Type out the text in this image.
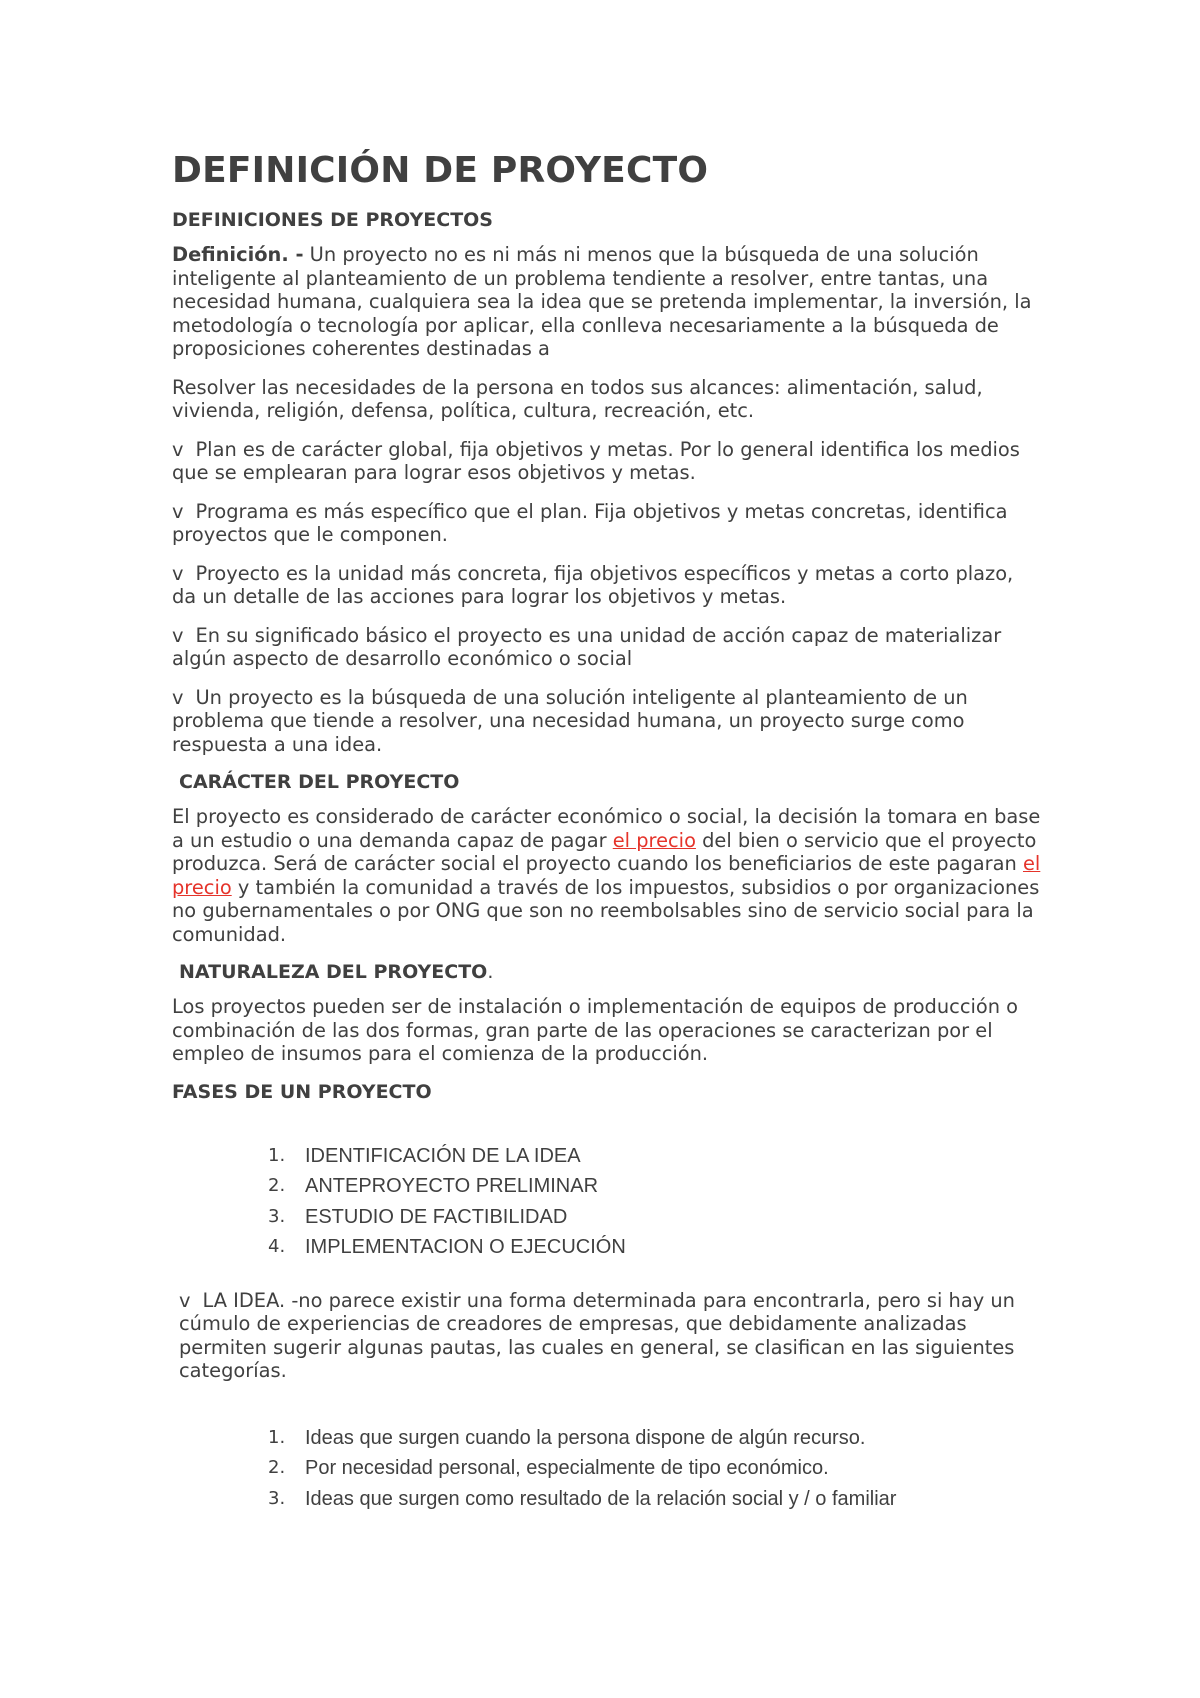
DEFINICIÓN DE PROYECTO
DEFINICIONES DE PROYECTOS

Definición. - Un proyecto no es ni más ni menos que la búsqueda de una solución inteligente al planteamiento de un problema tendiente a resolver, entre tantas, una necesidad humana, cualquiera sea la idea que se pretenda implementar, la inversión, la metodología o tecnología por aplicar, ella conlleva necesariamente a la búsqueda de proposiciones coherentes destinadas a

Resolver las necesidades de la persona en todos sus alcances: alimentación, salud, vivienda, religión, defensa, política, cultura, recreación, etc.

v Plan es de carácter global, fija objetivos y metas. Por lo general identifica los medios que se emplearan para lograr esos objetivos y metas.

v Programa es más específico que el plan. Fija objetivos y metas concretas, identifica proyectos que le componen.

v Proyecto es la unidad más concreta, fija objetivos específicos y metas a corto plazo, da un detalle de las acciones para lograr los objetivos y metas.

v En su significado básico el proyecto es una unidad de acción capaz de materializar algún aspecto de desarrollo económico o social

v Un proyecto es la búsqueda de una solución inteligente al planteamiento de un problema que tiende a resolver, una necesidad humana, un proyecto surge como respuesta a una idea.

CARÁCTER DEL PROYECTO

El proyecto es considerado de carácter económico o social, la decisión la tomara en base a un estudio o una demanda capaz de pagar el precio del bien o servicio que el proyecto produzca. Será de carácter social el proyecto cuando los beneficiarios de este pagaran el precio y también la comunidad a través de los impuestos, subsidios o por organizaciones no gubernamentales o por ONG que son no reembolsables sino de servicio social para la comunidad.

NATURALEZA DEL PROYECTO.

Los proyectos pueden ser de instalación o implementación de equipos de producción o combinación de las dos formas, gran parte de las operaciones se caracterizan por el empleo de insumos para el comienza de la producción.

FASES DE UN PROYECTO
1. IDENTIFICACIÓN DE LA IDEA
2. ANTEPROYECTO PRELIMINAR
3. ESTUDIO DE FACTIBILIDAD
4. IMPLEMENTACION O EJECUCIÓN

v LA IDEA. -no parece existir una forma determinada para encontrarla, pero si hay un cúmulo de experiencias de creadores de empresas, que debidamente analizadas permiten sugerir algunas pautas, las cuales en general, se clasifican en las siguientes categorías.

1. Ideas que surgen cuando la persona dispone de algún recurso.
2. Por necesidad personal, especialmente de tipo económico.
3. Ideas que surgen como resultado de la relación social y / o familiar
